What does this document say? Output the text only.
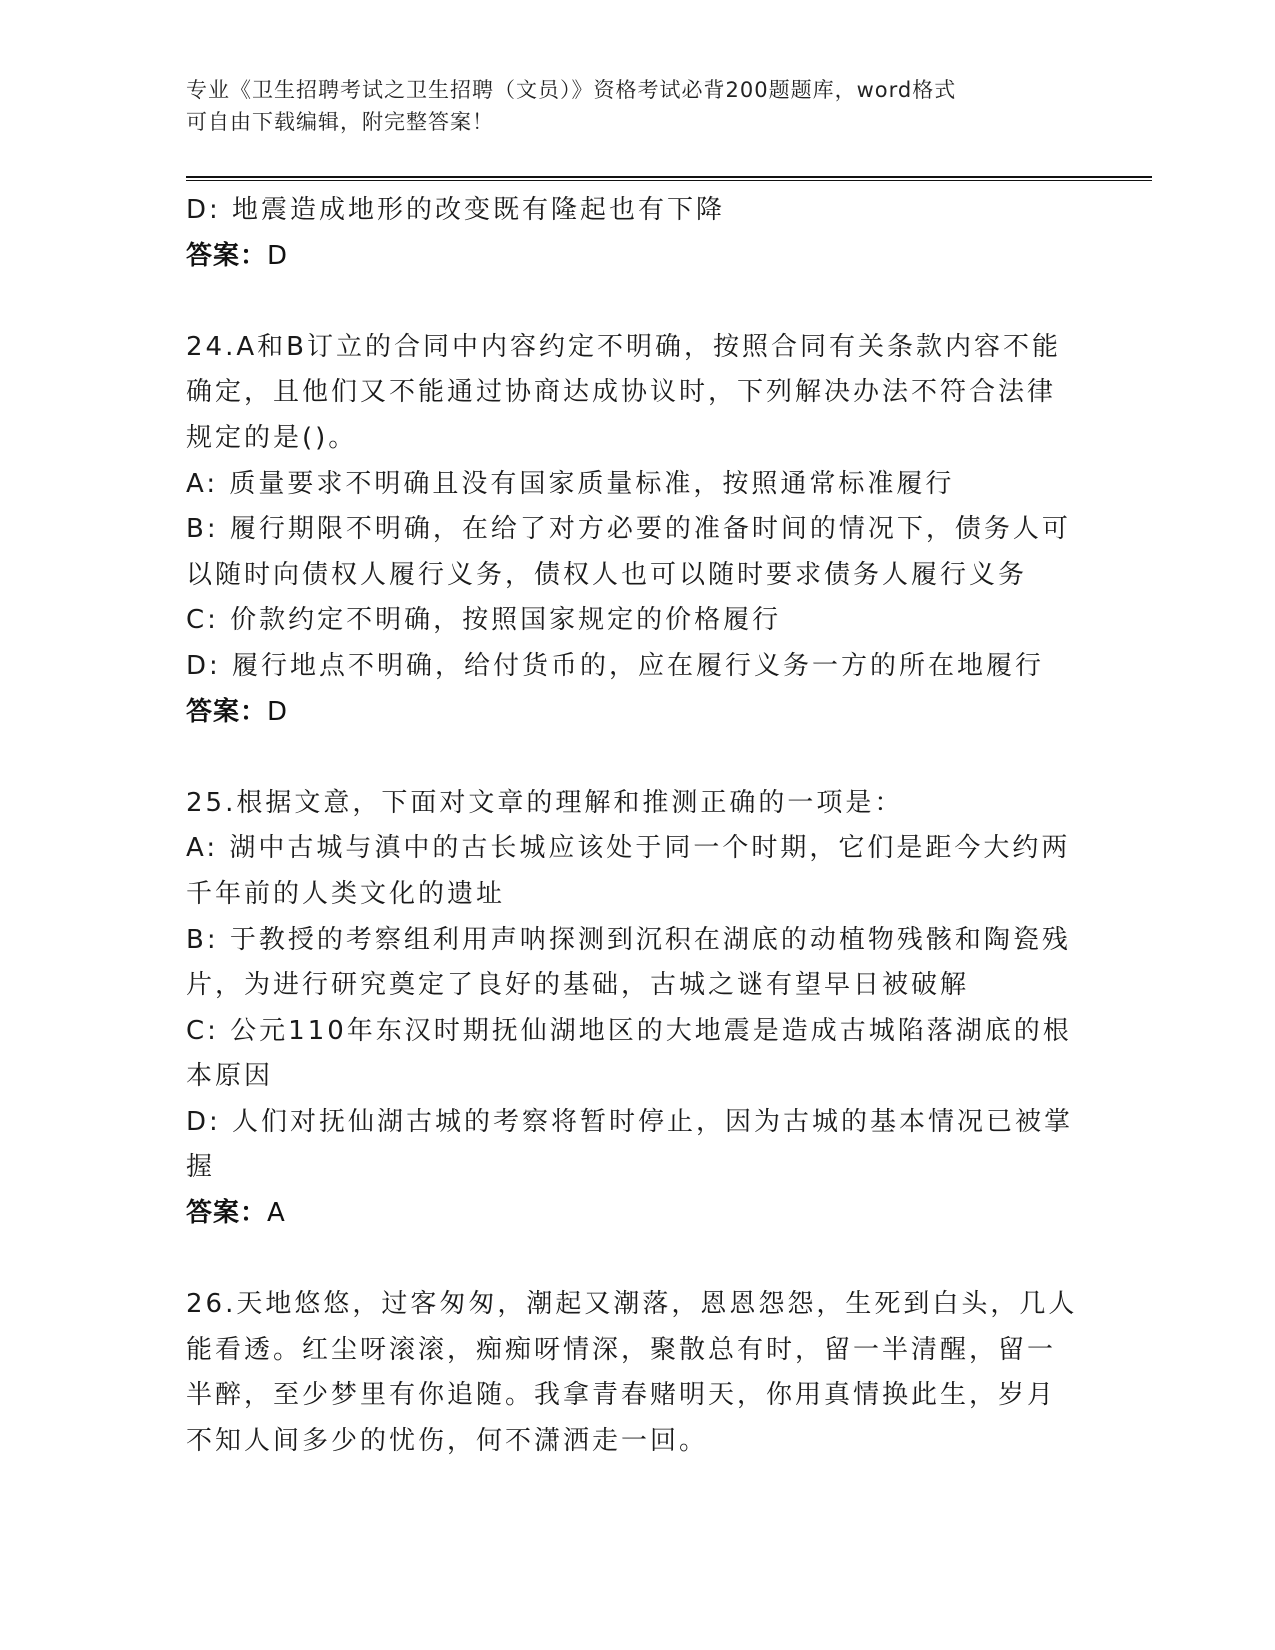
专业《卫生招聘考试之卫生招聘（文员）》资格考试必背200题题库，word格式
可自由下载编辑，附完整答案！
D: 地震造成地形的改变既有隆起也有下降
答案：D
24.A和B订立的合同中内容约定不明确，按照合同有关条款内容不能
确定，且他们又不能通过协商达成协议时，下列解决办法不符合法律
规定的是()。
A: 质量要求不明确且没有国家质量标准，按照通常标准履行
B: 履行期限不明确，在给了对方必要的准备时间的情况下，债务人可
以随时向债权人履行义务，债权人也可以随时要求债务人履行义务
C: 价款约定不明确，按照国家规定的价格履行
D: 履行地点不明确，给付货币的，应在履行义务一方的所在地履行
答案：D
25.根据文意，下面对文章的理解和推测正确的一项是：
A: 湖中古城与滇中的古长城应该处于同一个时期，它们是距今大约两
千年前的人类文化的遗址
B: 于教授的考察组利用声呐探测到沉积在湖底的动植物残骸和陶瓷残
片，为进行研究奠定了良好的基础，古城之谜有望早日被破解
C: 公元110年东汉时期抚仙湖地区的大地震是造成古城陷落湖底的根
本原因
D: 人们对抚仙湖古城的考察将暂时停止，因为古城的基本情况已被掌
握
答案：A
26.天地悠悠，过客匆匆，潮起又潮落，恩恩怨怨，生死到白头，几人
能看透。红尘呀滚滚，痴痴呀情深，聚散总有时，留一半清醒，留一
半醉，至少梦里有你追随。我拿青春赌明天，你用真情换此生，岁月
不知人间多少的忧伤，何不潇洒走一回。
